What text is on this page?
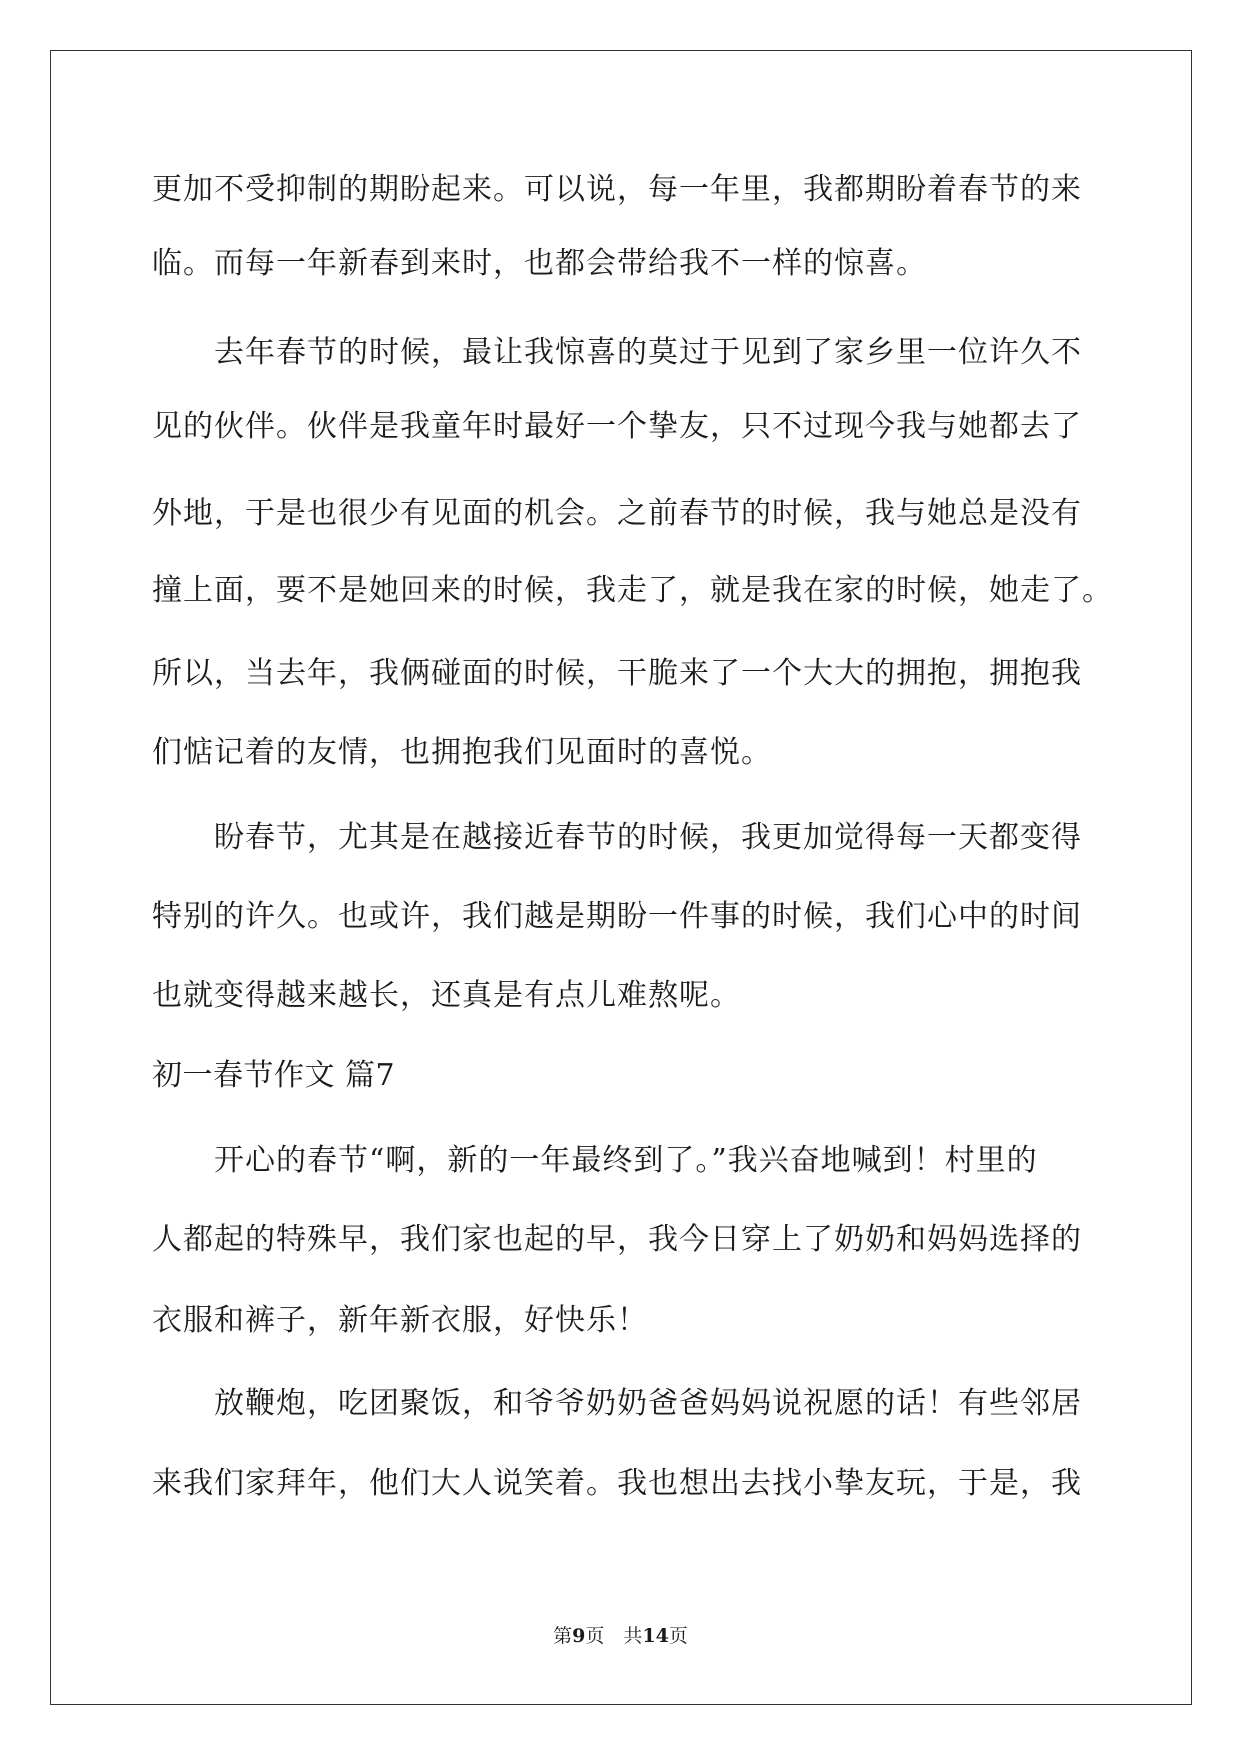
更加不受抑制的期盼起来。可以说，每一年里，我都期盼着春节的来
临。而每一年新春到来时，也都会带给我不一样的惊喜。
　　去年春节的时候，最让我惊喜的莫过于见到了家乡里一位许久不
见的伙伴。伙伴是我童年时最好一个挚友，只不过现今我与她都去了
外地，于是也很少有见面的机会。之前春节的时候，我与她总是没有
撞上面，要不是她回来的时候，我走了，就是我在家的时候，她走了。
所以，当去年，我俩碰面的时候，干脆来了一个大大的拥抱，拥抱我
们惦记着的友情，也拥抱我们见面时的喜悦。
　　盼春节，尤其是在越接近春节的时候，我更加觉得每一天都变得
特别的许久。也或许，我们越是期盼一件事的时候，我们心中的时间
也就变得越来越长，还真是有点儿难熬呢。
初一春节作文 篇7
　　开心的春节“啊，新的一年最终到了。”我兴奋地喊到！村里的
人都起的特殊早，我们家也起的早，我今日穿上了奶奶和妈妈选择的
衣服和裤子，新年新衣服，好快乐！
　　放鞭炮，吃团聚饭，和爷爷奶奶爸爸妈妈说祝愿的话！有些邻居
来我们家拜年，他们大人说笑着。我也想出去找小挚友玩，于是，我
第9页　 共14页
